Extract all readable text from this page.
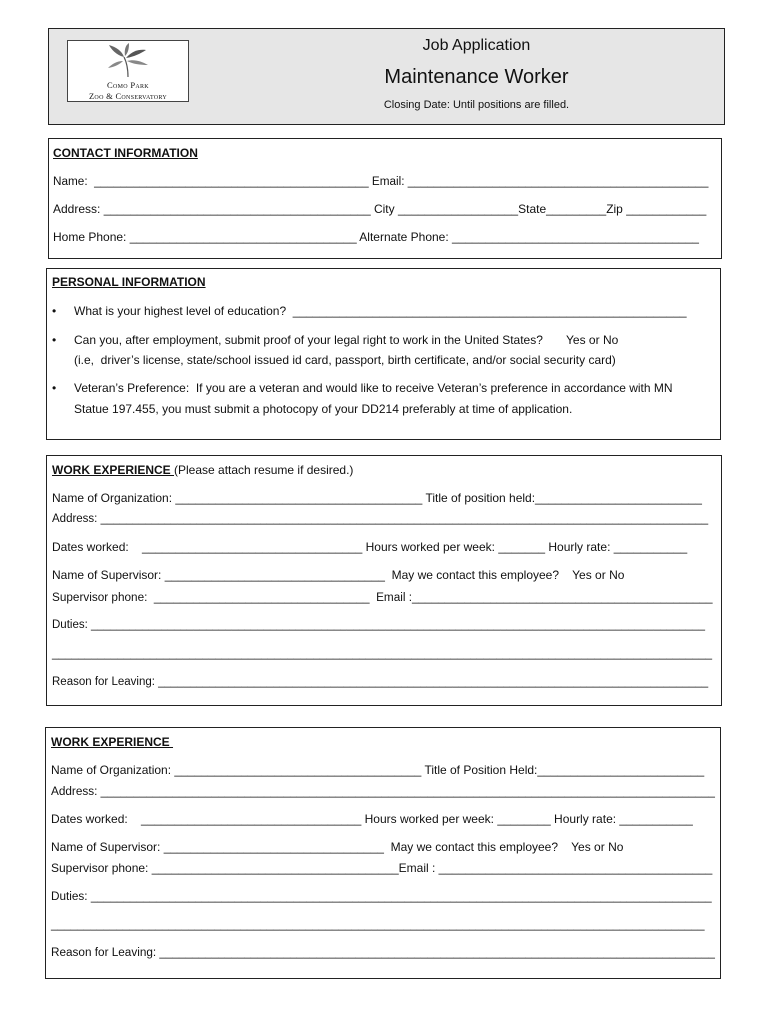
Como Park
Zoo & Conservatory
Job Application
Maintenance Worker
Closing Date: Until positions are filled.
CONTACT INFORMATION
Name:  __________________________________________ Email: ______________________________________________
Address: ________________________________________ City __________________State_________Zip ____________
Home Phone: __________________________________ Alternate Phone: _____________________________________
PERSONAL INFORMATION
• What is your highest level of education?  ___________________________________________________________
• Can you, after employment, submit proof of your legal right to work in the United States?       Yes or No
(i.e,  driver’s license, state/school issued id card, passport, birth certificate, and/or social security card)
• Veteran’s Preference:  If you are a veteran and would like to receive Veteran’s preference in accordance with MN
Statue 197.455, you must submit a photocopy of your DD214 preferably at time of application.
WORK EXPERIENCE (Please attach resume if desired.)
Name of Organization: _____________________________________ Title of position held:_________________________
Address: _______________________________________________________________________________________________
Dates worked:    _________________________________ Hours worked per week: _______ Hourly rate: ___________
Name of Supervisor: _________________________________  May we contact this employee?    Yes or No
Supervisor phone:  _________________________________  Email :______________________________________________
Duties: ________________________________________________________________________________________________
_____________________________________________________________________________________________________
Reason for Leaving: ______________________________________________________________________________________
WORK EXPERIENCE
Name of Organization: _____________________________________ Title of Position Held:_________________________
Address: ______________________________________________________________________________________________
Dates worked:    _________________________________ Hours worked per week: ________ Hourly rate: ___________
Name of Supervisor: _________________________________  May we contact this employee?    Yes or No
Supervisor phone: _____________________________________Email : _________________________________________
Duties: _______________________________________________________________________________________________
____________________________________________________________________________________________________
Reason for Leaving: _____________________________________________________________________________________
